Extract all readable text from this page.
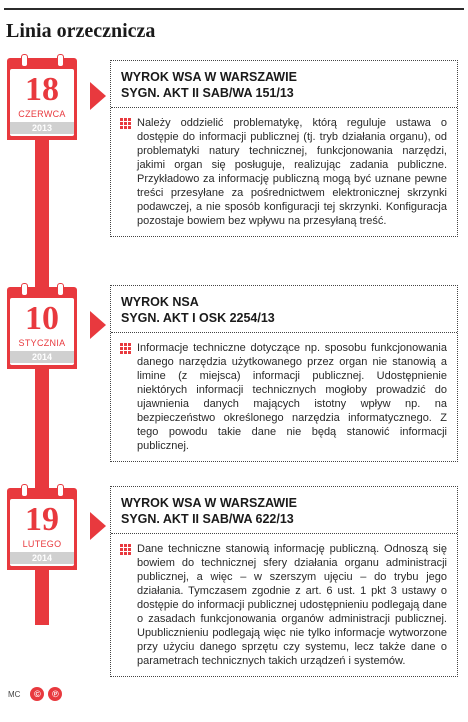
Linia orzecznicza
18
CZERWCA
2013
WYROK WSA W WARSZAWIE
SYGN. AKT II SAB/WA 151/13
Należy oddzielić problematykę, którą reguluje ustawa o dostępie do informacji publicznej (tj. tryb działania organu), od problematyki natury technicznej, funkcjonowania narzędzi, jakimi organ się posługuje, realizując zadania publiczne. Przykładowo za informację publiczną mogą być uznane pewne treści przesyłane za pośrednictwem elektronicznej skrzynki podawczej, a nie sposób konfiguracji tej skrzynki. Konfiguracja pozostaje bowiem bez wpływu na przesyłaną treść.
10
STYCZNIA
2014
WYROK NSA
SYGN. AKT I OSK 2254/13
Informacje techniczne dotyczące np. sposobu funkcjonowania danego narzędzia użytkowanego przez organ nie stanowią a limine (z miejsca) informacji publicznej. Udostępnienie niektórych informacji technicznych mogłoby prowadzić do ujawnienia danych mających istotny wpływ np. na bezpieczeństwo określonego narzędzia informatycznego. Z tego powodu takie dane nie będą stanowić informacji publicznej.
19
LUTEGO
2014
WYROK WSA W WARSZAWIE
SYGN. AKT II SAB/WA 622/13
Dane techniczne stanowią informację publiczną. Odnoszą się bowiem do technicznej sfery działania organu administracji publicznej, a więc – w szerszym ujęciu – do trybu jego działania. Tymczasem zgodnie z art. 6 ust. 1 pkt 3 ustawy o dostępie do informacji publicznej udostępnieniu podlegają dane o zasadach funkcjonowania organów administracji publicznej. Upublicznieniu podlegają więc nie tylko informacje wytworzone przy użyciu danego sprzętu czy systemu, lecz także dane o parametrach technicznych takich urządzeń i systemów.
MC	©	℗
